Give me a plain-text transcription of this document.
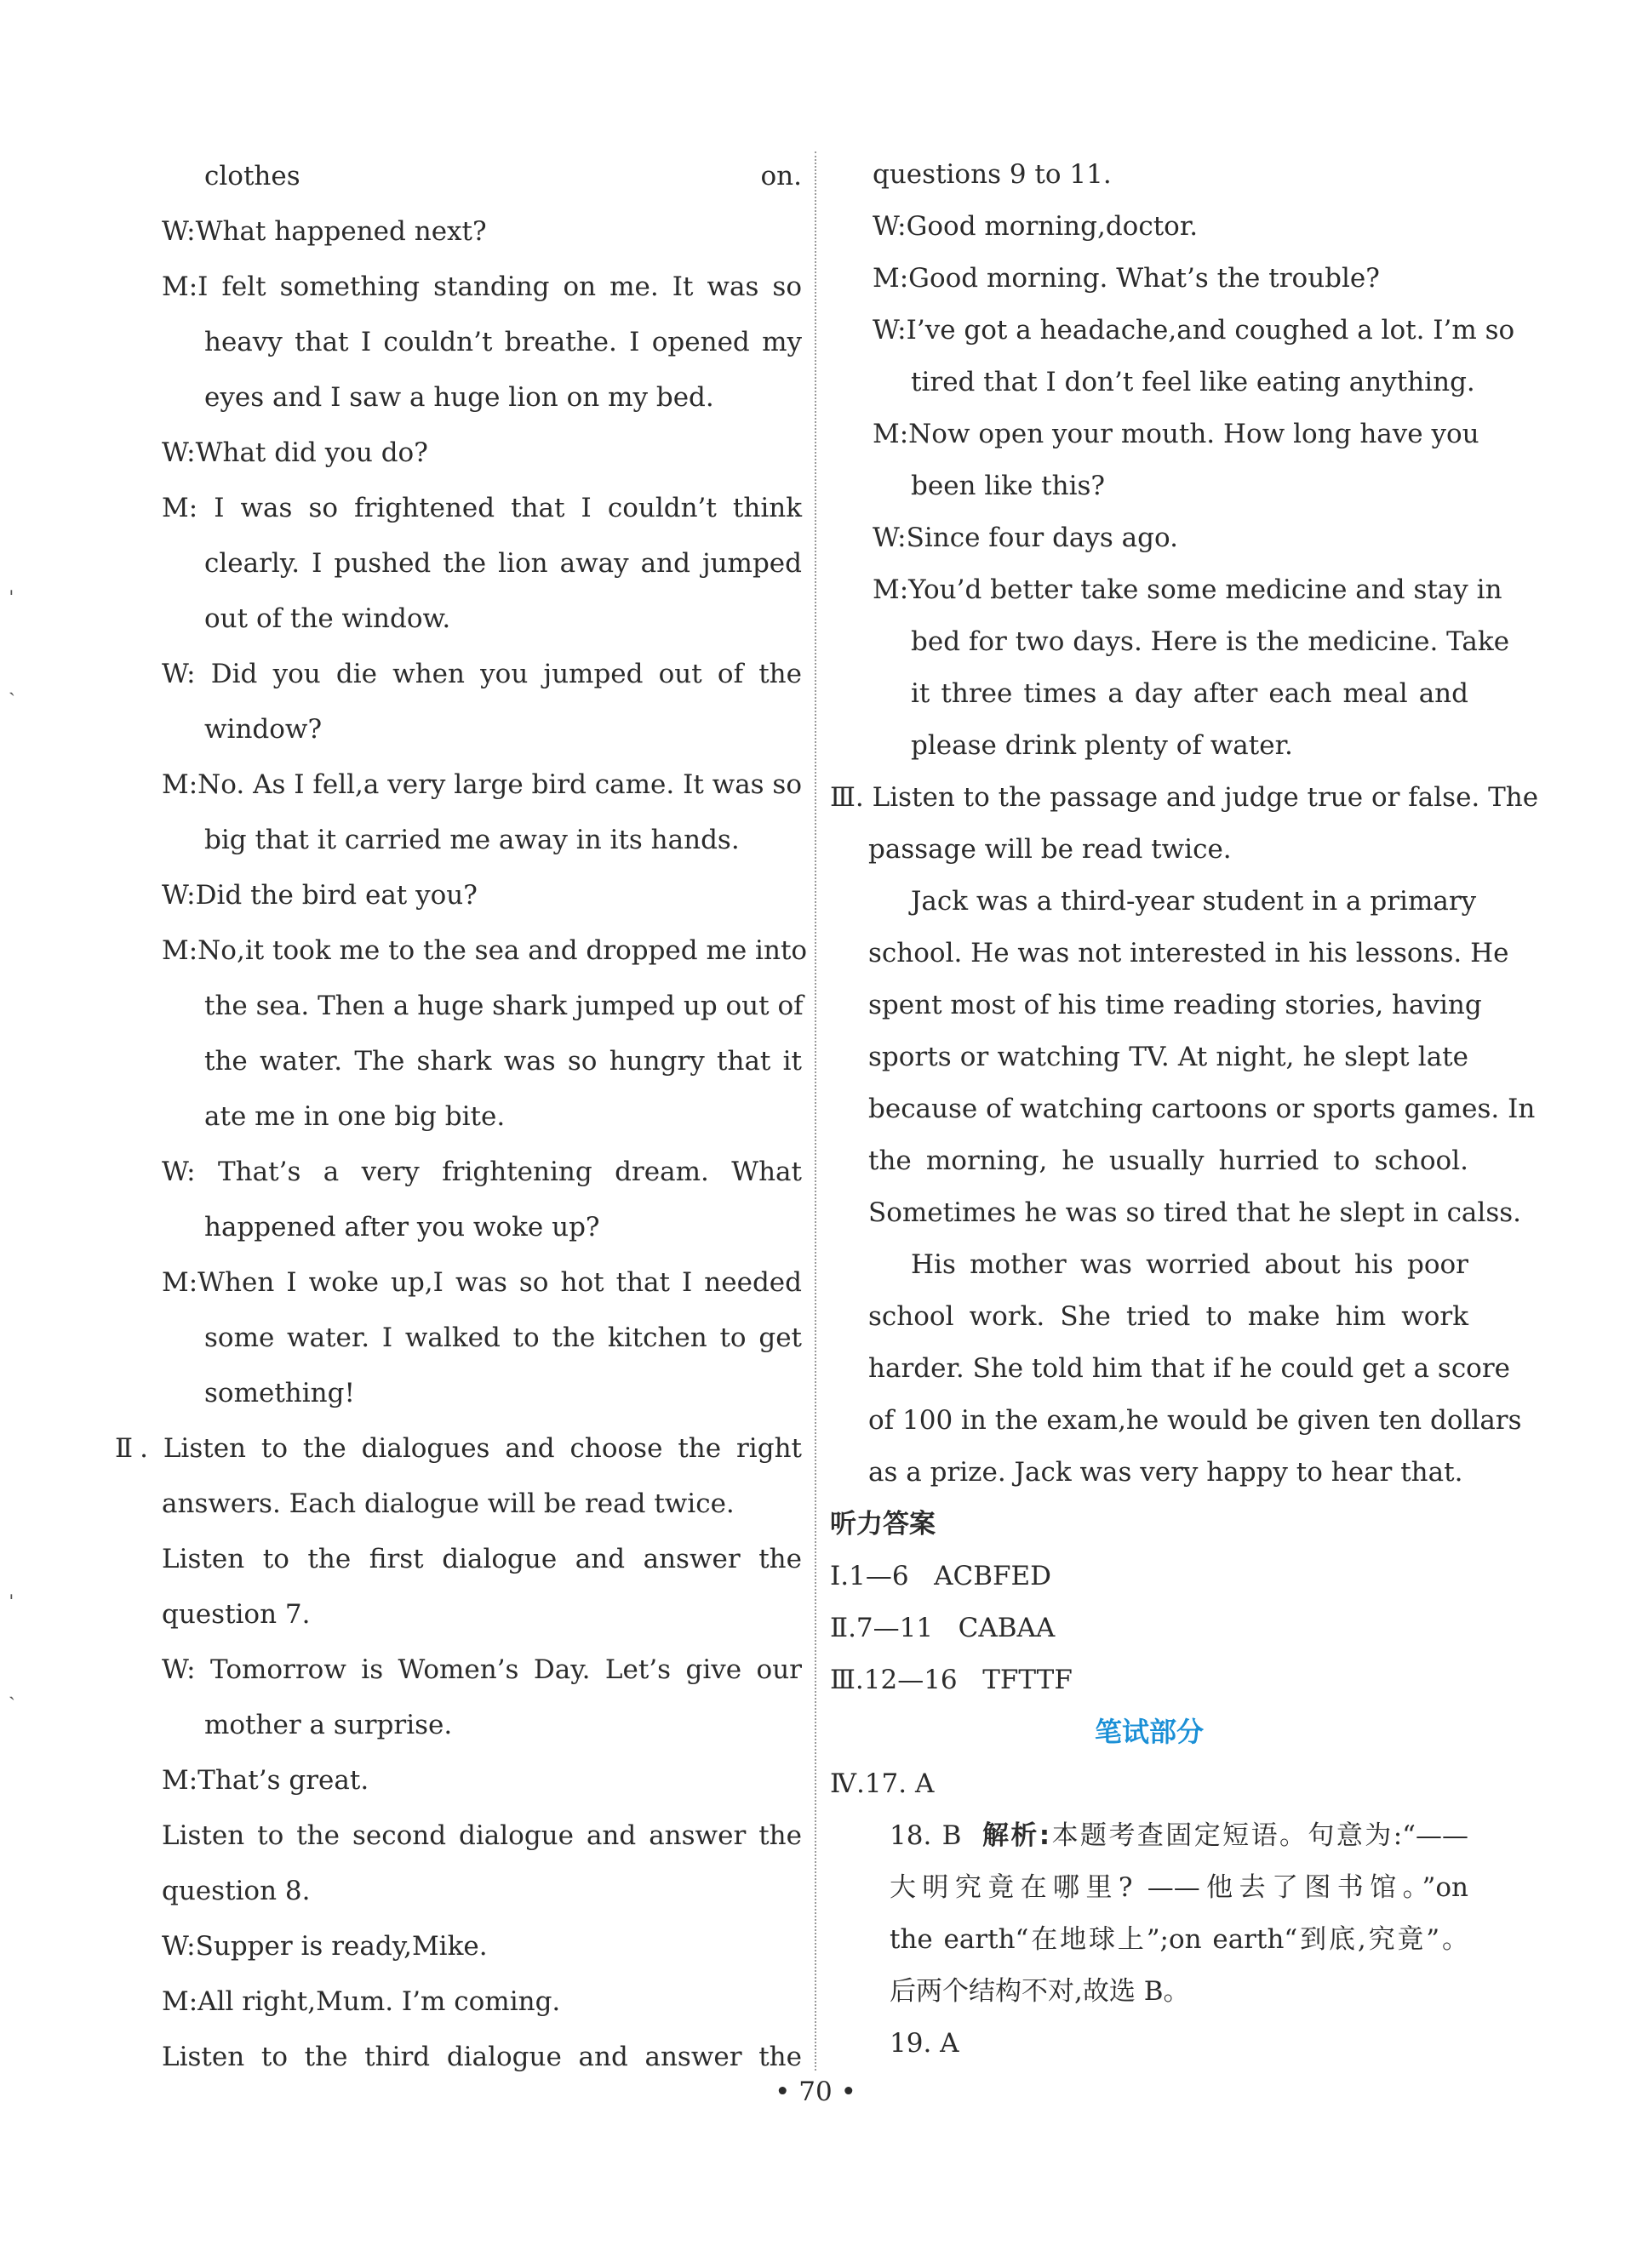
ˈ
ˏ
ˈ
ˏ
clothes on.
W:What happened next?
M:I felt something standing on me. It was so
heavy that I couldn’t breathe. I opened my
eyes and I saw a huge lion on my bed.
W:What did you do?
M: I was so frightened that I couldn’t think
clearly. I pushed the lion away and jumped
out of the window.
W: Did you die when you jumped out of the
window?
M:No. As I fell,a very large bird came. It was so
big that it carried me away in its hands.
W:Did the bird eat you?
M:No,it took me to the sea and dropped me into
the sea. Then a huge shark jumped up out of
the water. The shark was so hungry that it
ate me in one big bite.
W: That’s a very frightening dream. What
happened after you woke up?
M:When I woke up,I was so hot that I needed
some water. I walked to the kitchen to get
something!
Ⅱ. Listen to the dialogues and choose the right
answers. Each dialogue will be read twice.
Listen to the first dialogue and answer the
question 7.
W: Tomorrow is Women’s Day. Let’s give our
mother a surprise.
M:That’s great.
Listen to the second dialogue and answer the
question 8.
W:Supper is ready,Mike.
M:All right,Mum. I’m coming.
Listen to the third dialogue and answer the
questions 9 to 11.
W:Good morning,doctor.
M:Good morning. What’s the trouble?
W:I’ve got a headache,and coughed a lot. I’m so
tired that I don’t feel like eating anything.
M:Now open your mouth. How long have you
been like this?
W:Since four days ago.
M:You’d better take some medicine and stay in
bed for two days. Here is the medicine. Take
it three times a day after each meal and
please drink plenty of water.
Ⅲ. Listen to the passage and judge true or false. The
passage will be read twice.
Jack was a third-year student in a primary
school. He was not interested in his lessons. He
spent most of his time reading stories, having
sports or watching TV. At night, he slept late
because of watching cartoons or sports games. In
the morning, he usually hurried to school.
Sometimes he was so tired that he slept in calss.
His mother was worried about his poor
school work. She tried to make him work
harder. She told him that if he could get a score
of 100 in the exam,he would be given ten dollars
as a prize. Jack was very happy to hear that.
听力答案
Ⅰ.1—6   ACBFED
Ⅱ.7—11   CABAA
Ⅲ.12—16   TFTTF
笔试部分
Ⅳ.17. A
18. B 解析:本题考查固定短语。句意为:“——
大明究竟在哪里? ——他去了图书馆。”on
the earth“在地球上”;on earth“到底,究竟”。
后两个结构不对,故选 B。
19. A
• 70 •
